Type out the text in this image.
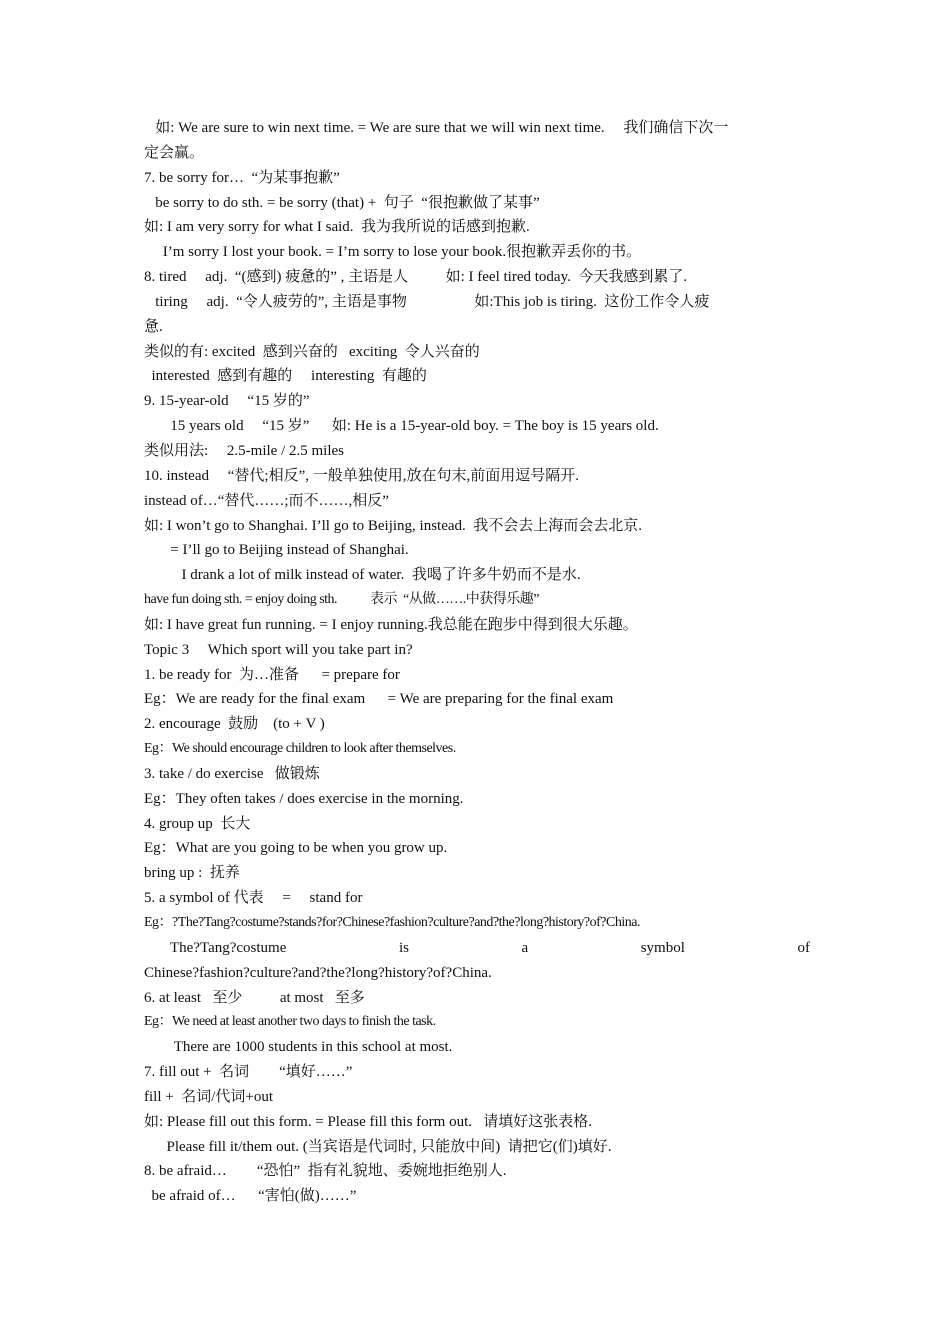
如: We are sure to win next time. = We are sure that we will win next time.     我们确信下次一
定会赢。
7. be sorry for…  “为某事抱歉”
be sorry to do sth. = be sorry (that) +  句子  “很抱歉做了某事”
如: I am very sorry for what I said.  我为我所说的话感到抱歉.
I’m sorry I lost your book. = I’m sorry to lose your book.很抱歉弄丢你的书。
8. tired     adj.  “(感到) 疲惫的” , 主语是人          如: I feel tired today.  今天我感到累了.
tiring     adj.  “令人疲劳的”, 主语是事物                  如:This job is tiring.  这份工作令人疲
惫.
类似的有: excited  感到兴奋的   exciting  令人兴奋的
interested  感到有趣的     interesting  有趣的
9. 15-year-old     “15 岁的”
15 years old     “15 岁”      如: He is a 15-year-old boy. = The boy is 15 years old.
类似用法:     2.5-mile / 2.5 miles
10. instead     “替代;相反”, 一般单独使用,放在句末,前面用逗号隔开.
instead of…“替代……;而不……,相反”
如: I won’t go to Shanghai. I’ll go to Beijing, instead.  我不会去上海而会去北京.
= I’ll go to Beijing instead of Shanghai.
I drank a lot of milk instead of water.  我喝了许多牛奶而不是水.
have fun doing sth. = enjoy doing sth.           表示  “从做…….中获得乐趣”
如: I have great fun running. = I enjoy running.我总能在跑步中得到很大乐趣。
Topic 3     Which sport will you take part in?
1. be ready for  为…准备      = prepare for
Eg：We are ready for the final exam      = We are preparing for the final exam
2. encourage  鼓励    (to + V )
Eg：We should encourage children to look after themselves.
3. take / do exercise   做锻炼
Eg：They often takes / does exercise in the morning.
4. group up  长大
Eg：What are you going to be when you grow up.
bring up :  抚养
5. a symbol of 代表     =     stand for
Eg：?The?Tang?costume?stands?for?Chinese?fashion?culture?and?the?long?history?of?China.
The?Tang?costume	is	a	symbol	of
Chinese?fashion?culture?and?the?long?history?of?China.
6. at least   至少          at most   至多
Eg：We need at least another two days to finish the task.
There are 1000 students in this school at most.
7. fill out +  名词        “填好……”
fill +  名词/代词+out
如: Please fill out this form. = Please fill this form out.   请填好这张表格.
Please fill it/them out. (当宾语是代词时, 只能放中间)  请把它(们)填好.
8. be afraid…        “恐怕”  指有礼貌地、委婉地拒绝别人.
be afraid of…      “害怕(做)……”
